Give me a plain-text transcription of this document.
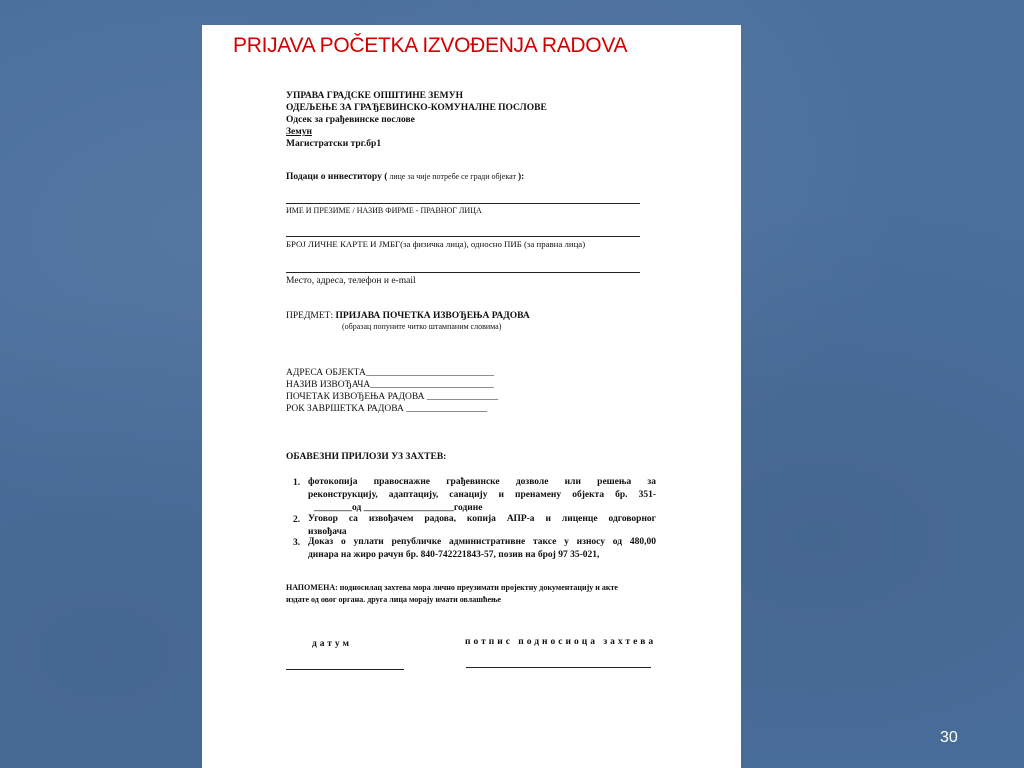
PRIJAVA POČETKA IZVOĐENJA RADOVA
УПРАВА ГРАДСКЕ ОПШТИНЕ ЗЕМУН
ОДЕЉЕЊЕ ЗА ГРАЂЕВИНСКО-КОМУНАЛНЕ ПОСЛОВЕ
Одсек за грађевинске послове
Земун
Магистратски трг.бр1
Подаци о инвеститору ( лице за чије потребе се гради објекат ):
ИМЕ И ПРЕЗИМЕ / НАЗИВ ФИРМЕ - ПРАВНОГ ЛИЦА
БРОЈ ЛИЧНЕ КАРТЕ И ЈМБГ(за физичка лица), односно ПИБ (за правна лица)
Место, адреса, телефон и e-mail
ПРЕДМЕТ: ПРИЈАВА ПОЧЕТКА ИЗВОЂЕЊА РАДОВА
(образац попуните читко штампаним словима)
АДРЕСА ОБЈЕКТА___________________________
НАЗИВ ИЗВОЂАЧА__________________________
ПОЧЕТАК ИЗВОЂЕЊА РАДОВА _______________
РОК ЗАВРШЕТКА РАДОВА _________________
ОБАВЕЗНИ ПРИЛОЗИ УЗ ЗАХТЕВ:
1. фотокопија правоснажне грађевинске дозволе или решења за
реконструкцију, адаптацију, санацију и пренамену објекта бр. 351-
________од ___________________године
2. Уговор са извођачем радова, копија АПР-а и лиценце одговорног
извођача
3. Доказ о уплати републичке административне таксе у износу од 480,00
динара на жиро рачун бр. 840-742221843-57, позив на број 97 35-021,
НАПОМЕНА: подносилац захтева мора лично преузимати пројектну документацију и акте
издате од овог органа. друга лица морају имати овлашћење
датум	потпис подносиоца захтева
30
